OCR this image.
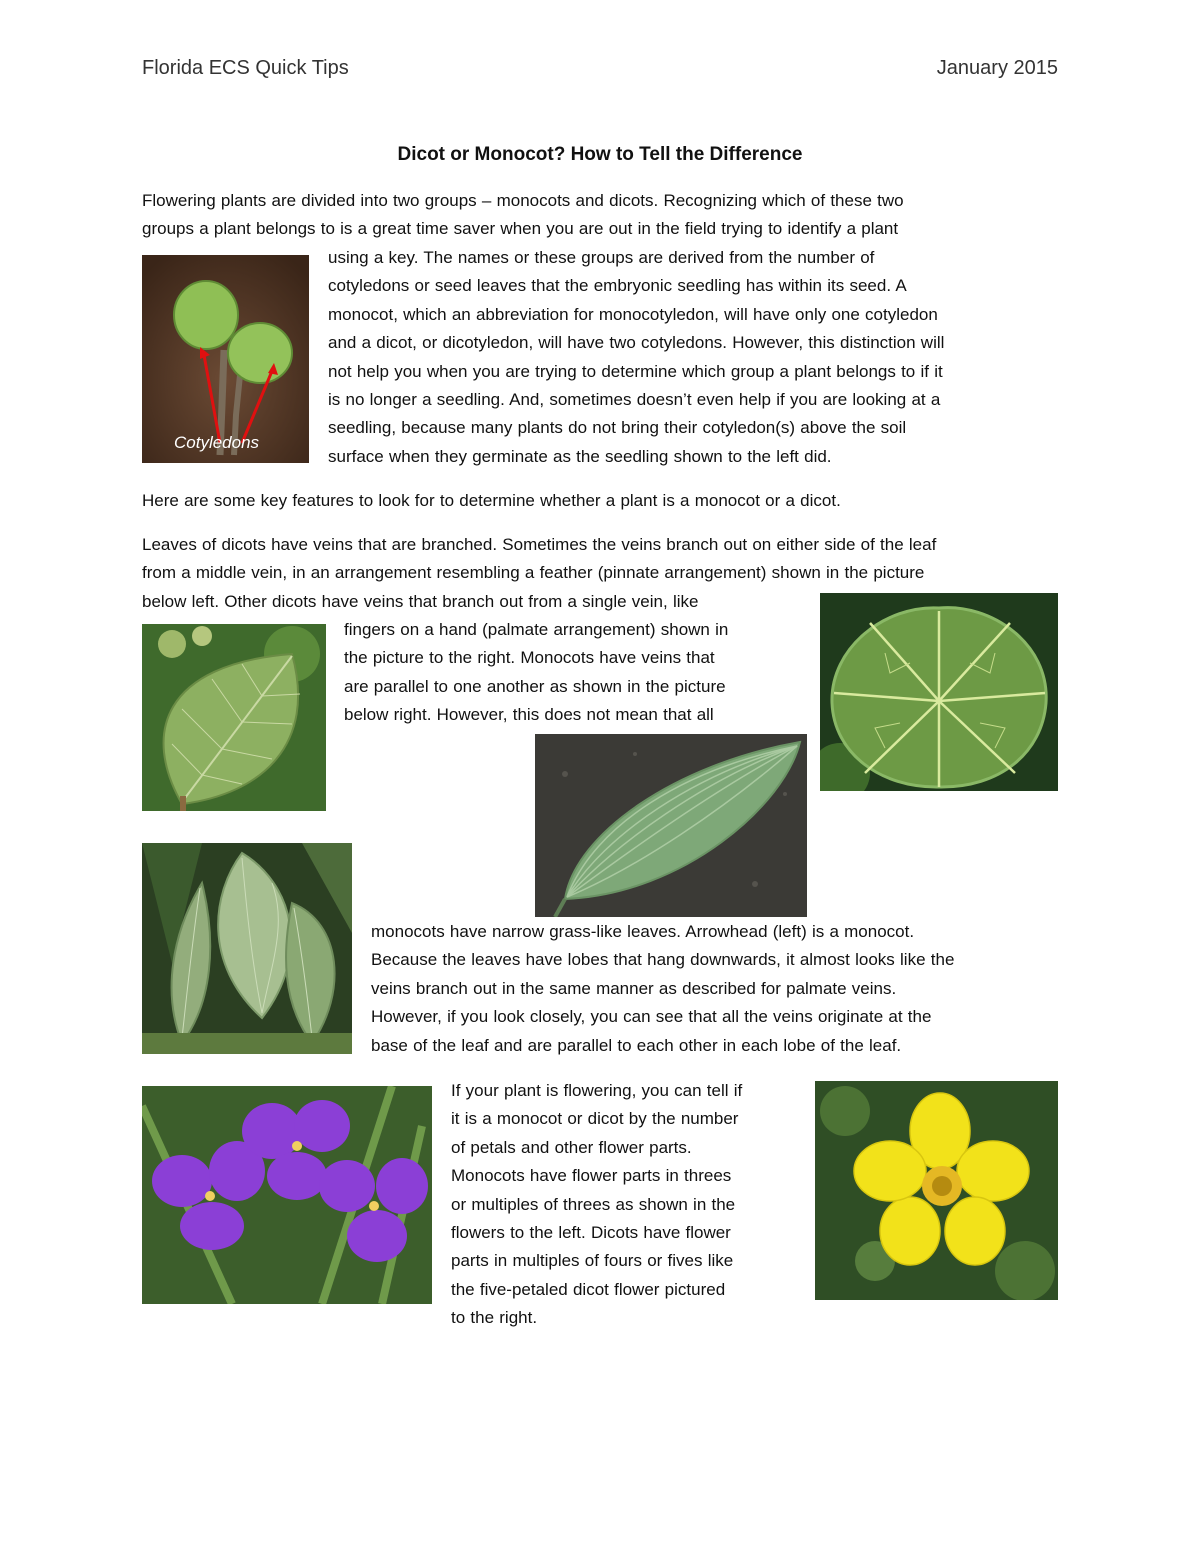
Florida ECS Quick Tips	January 2015
Dicot or Monocot? How to Tell the Difference
Flowering plants are divided into two groups – monocots and dicots. Recognizing which of these two
groups a plant belongs to is a great time saver when you are out in the field trying to identify a plant
using a key. The names or these groups are derived from the number of
cotyledons or seed leaves that the embryonic seedling has within its seed. A
monocot, which an abbreviation for monocotyledon, will have only one cotyledon
and a dicot, or dicotyledon, will have two cotyledons. However, this distinction will
not help you when you are trying to determine which group a plant belongs to if it
is no longer a seedling. And, sometimes doesn’t even help if you are looking at a
seedling, because many plants do not bring their cotyledon(s) above the soil
surface when they germinate as the seedling shown to the left did.
Cotyledons
Here are some key features to look for to determine whether a plant is a monocot or a dicot.
Leaves of dicots have veins that are branched. Sometimes the veins branch out on either side of the leaf
from a middle vein, in an arrangement resembling a feather (pinnate arrangement) shown in the picture
below left. Other dicots have veins that branch out from a single vein, like
fingers on a hand (palmate arrangement) shown in
the picture to the right. Monocots have veins that
are parallel to one another as shown in the picture
below right. However, this does not mean that all
monocots have narrow grass-like leaves. Arrowhead (left) is a monocot.
Because the leaves have lobes that hang downwards, it almost looks like the
veins branch out in the same manner as described for palmate veins.
However, if you look closely, you can see that all the veins originate at the
base of the leaf and are parallel to each other in each lobe of the leaf.
If your plant is flowering, you can tell if
it is a monocot or dicot by the number
of petals and other flower parts.
Monocots have flower parts in threes
or multiples of threes as shown in the
flowers to the left. Dicots have flower
parts in multiples of fours or fives like
the five-petaled dicot flower pictured
to the right.
